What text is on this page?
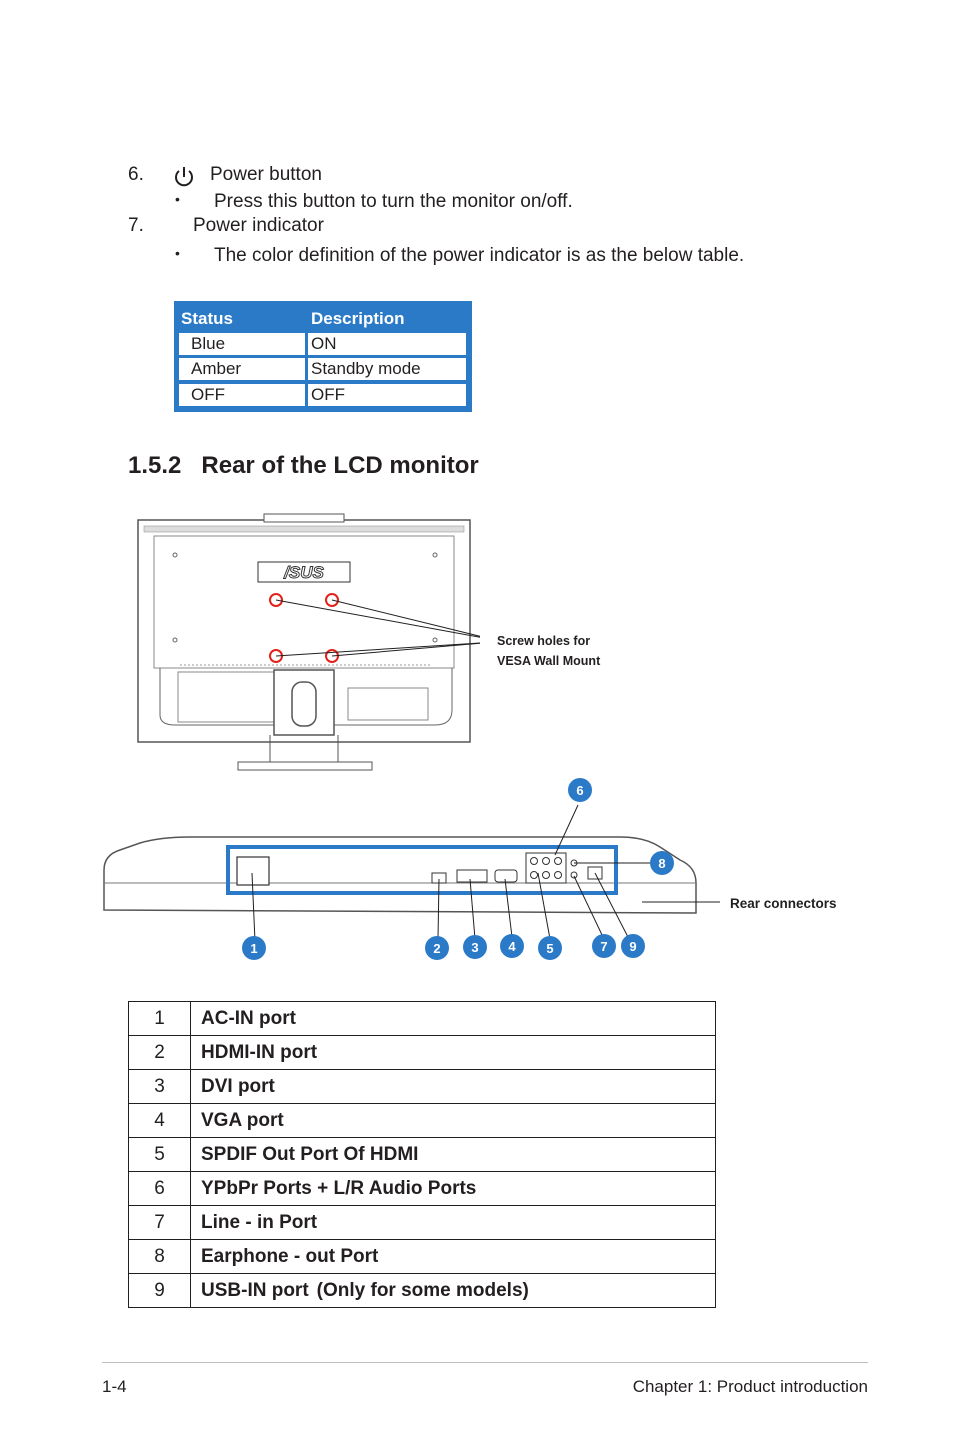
6.	Power button
• Press this button to turn the monitor on/off.
7.	Power indicator
• The color definition of the power indicator is as the below table.
Status	Description
Blue	ON
Amber	Standby mode
OFF	OFF
1.5.2 Rear of the LCD monitor
/SUS
Screw holes for
VESA Wall Mount
Rear connectors
1	2	3	4	5
6
7
8
9
1	AC-IN port
2	HDMI-IN port
3	DVI port
4	VGA port
5	SPDIF Out Port Of HDMI
6	YPbPr Ports + L/R Audio Ports
7	Line - in Port
8	Earphone - out Port
9	USB-IN port (Only for some models)
1-4	Chapter 1: Product introduction
